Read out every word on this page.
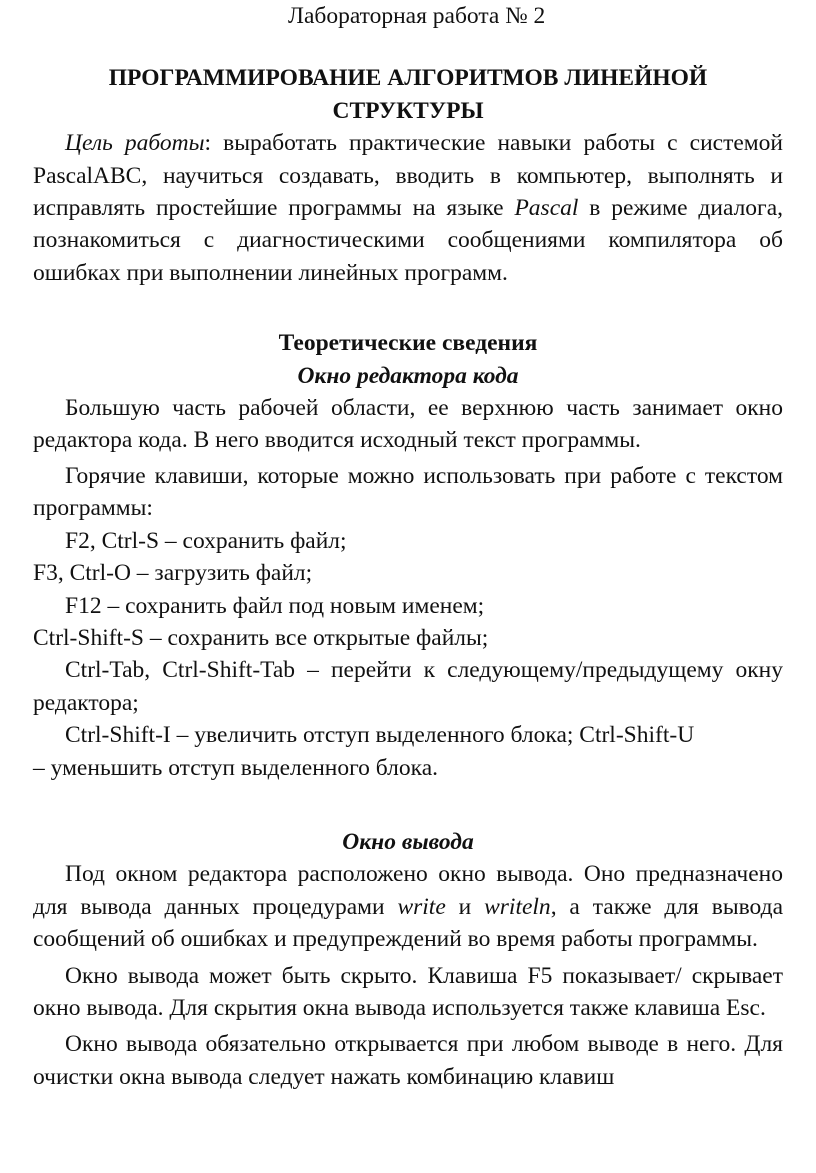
Лабораторная работа № 2

ПРОГРАММИРОВАНИЕ АЛГОРИТМОВ ЛИНЕЙНОЙ
СТРУКТУРЫ

Цель работы: выработать практические навыки работы с системой PascalABC, научиться создавать, вводить в компьютер, выполнять и исправлять простейшие программы на языке Pascal в режиме диалога, познакомиться с диагностическими сообщениями компилятора об ошибках при выполнении линейных программ.

Теоретические сведения

Окно редактора кода

Большую часть рабочей области, ее верхнюю часть занимает окно редактора кода. В него вводится исходный текст программы.

Горячие клавиши, которые можно использовать при работе с текстом программы:

F2, Ctrl-S – сохранить файл;

F3, Ctrl-O – загрузить файл;

F12 – сохранить файл под новым именем;

Ctrl-Shift-S – сохранить все открытые файлы;

Ctrl-Tab, Ctrl-Shift-Tab – перейти к следующему/предыдущему окну редактора;

Ctrl-Shift-I – увеличить отступ выделенного блока; Ctrl-Shift-U

– уменьшить отступ выделенного блока.

Окно вывода

Под окном редактора расположено окно вывода. Оно предназначено для вывода данных процедурами write и writeln, а также для вывода сообщений об ошибках и предупреждений во время работы программы.

Окно вывода может быть скрыто. Клавиша F5 показывает/ скрывает окно вывода. Для скрытия окна вывода используется также клавиша Esc.

Окно вывода обязательно открывается при любом выводе в него. Для очистки окна вывода следует нажать комбинацию клавиш
